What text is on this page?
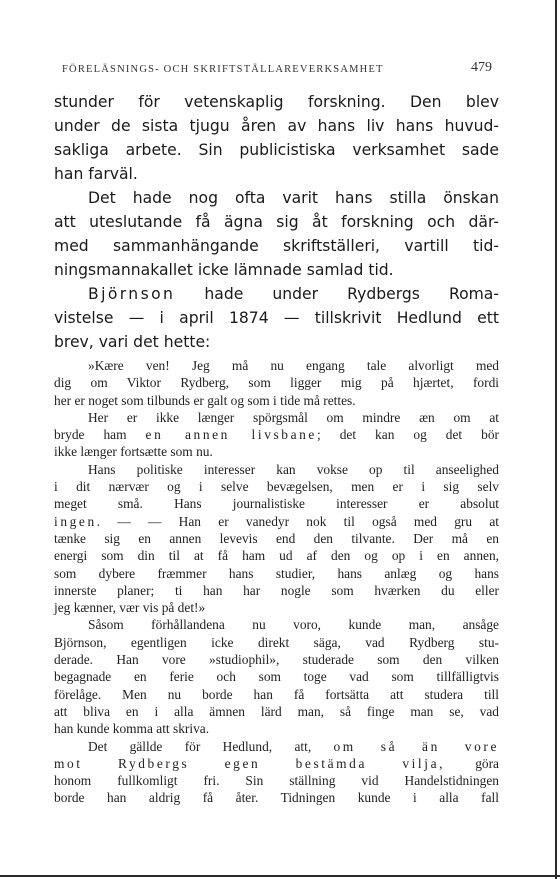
FÖRELÄSNINGS- OCH SKRIFTSTÄLLAREVERKSAMHET	479

stunder för vetenskaplig forskning. Den blev

under de sista tjugu åren av hans liv hans huvud-

sakliga arbete. Sin publicistiska verksamhet sade

han farväl.

Det hade nog ofta varit hans stilla önskan

att uteslutande få ägna sig åt forskning och där-

med sammanhängande skriftställeri, vartill tid-

ningsmannakallet icke lämnade samlad tid.

Björnson hade under Rydbergs Roma-

vistelse — i april 1874 — tillskrivit Hedlund ett

brev, vari det hette:

»Kære ven! Jeg må nu engang tale alvorligt med

dig om Viktor Rydberg, som ligger mig på hjærtet, fordi

her er noget som tilbunds er galt og som i tide må rettes.

Her er ikke længer spörgsmål om mindre æn om at

bryde ham en annen livsbane; det kan og det bör

ikke længer fortsætte som nu.

Hans politiske interesser kan vokse op til anseelighed

i dit nærvær og i selve bevægelsen, men er i sig selv

meget små. Hans journalistiske interesser er absolut

ingen. — — Han er vanedyr nok til også med gru at

tænke sig en annen levevis end den tilvante. Der må en

energi som din til at få ham ud af den og op i en annen,

som dybere fræmmer hans studier, hans anlæg og hans

innerste planer; ti han har nogle som hværken du eller

jeg kænner, vær vis på det!»

Såsom förhållandena nu voro, kunde man, ansåge

Björnson, egentligen icke direkt säga, vad Rydberg stu-

derade. Han vore »studiophil», studerade som den vilken

begagnade en ferie och som toge vad som tillfälligtvis

förelåge. Men nu borde han få fortsätta att studera till

att bliva en i alla ämnen lärd man, så finge man se, vad

han kunde komma att skriva.

Det gällde för Hedlund, att, om så än vore

mot Rydbergs egen bestämda vilja, göra

honom fullkomligt fri. Sin ställning vid Handelstidningen

borde han aldrig få åter. Tidningen kunde i alla fall
